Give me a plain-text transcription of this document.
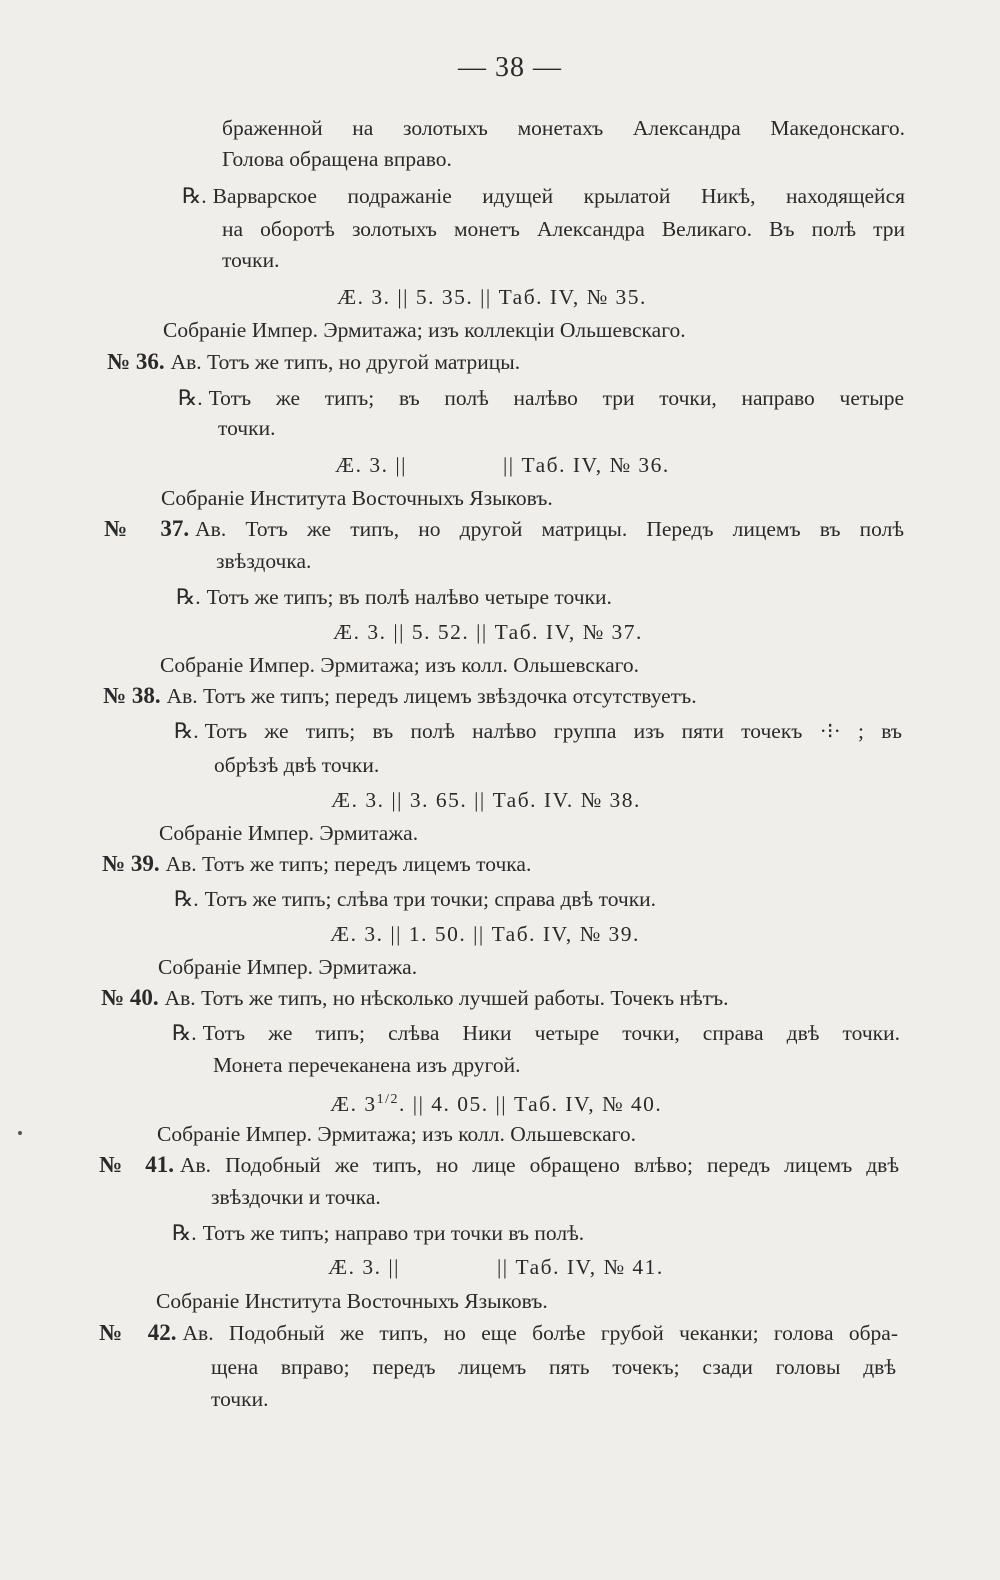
— 38 —
браженной на золотыхъ монетахъ Александра Македонскаго.
Голова обращена вправо.
℞. Варварское подражаніе идущей крылатой Никѣ, находящейся
на оборотѣ золотыхъ монетъ Александра Великаго. Въ полѣ три
точки.
Æ. 3. || 5. 35. || Таб. IV, № 35.
Собраніе Импер. Эрмитажа; изъ коллекціи Ольшевскаго.
№ 36. Ав. Тотъ же типъ, но другой матрицы.
℞. Тотъ же типъ; въ полѣ налѣво три точки, направо четыре
точки.
Æ. 3. ||	|| Таб. IV, № 36.
Собраніе Института Восточныхъ Языковъ.
№ 37. Ав. Тотъ же типъ, но другой матрицы. Передъ лицемъ въ полѣ
звѣздочка.
℞. Тотъ же типъ; въ полѣ налѣво четыре точки.
Æ. 3. || 5. 52. || Таб. IV, № 37.
Собраніе Импер. Эрмитажа; изъ колл. Ольшевскаго.
№ 38. Ав. Тотъ же типъ; передъ лицемъ звѣздочка отсутствуетъ.
℞. Тотъ же типъ; въ полѣ налѣво группа изъ пяти точекъ ·⁝· ; въ
обрѣзѣ двѣ точки.
Æ. 3. || 3. 65. || Таб. IV. № 38.
Собраніе Импер. Эрмитажа.
№ 39. Ав. Тотъ же типъ; передъ лицемъ точка.
℞. Тотъ же типъ; слѣва три точки; справа двѣ точки.
Æ. 3. || 1. 50. || Таб. IV, № 39.
Собраніе Импер. Эрмитажа.
№ 40. Ав. Тотъ же типъ, но нѣсколько лучшей работы. Точекъ нѣтъ.
℞. Тотъ же типъ; слѣва Ники четыре точки, справа двѣ точки.
Монета перечеканена изъ другой.
Æ. $3^{1/2}$. || 4. 05. || Таб. IV, № 40.
Собраніе Импер. Эрмитажа; изъ колл. Ольшевскаго.
№ 41. Ав. Подобный же типъ, но лице обращено влѣво; передъ лицемъ двѣ
звѣздочки и точка.
℞. Тотъ же типъ; направо три точки въ полѣ.
Æ. 3. ||	|| Таб. IV, № 41.
Собраніе Института Восточныхъ Языковъ.
№ 42. Ав. Подобный же типъ, но еще болѣе грубой чеканки; голова обра-
щена вправо; передъ лицемъ пять точекъ; сзади головы двѣ
точки.
